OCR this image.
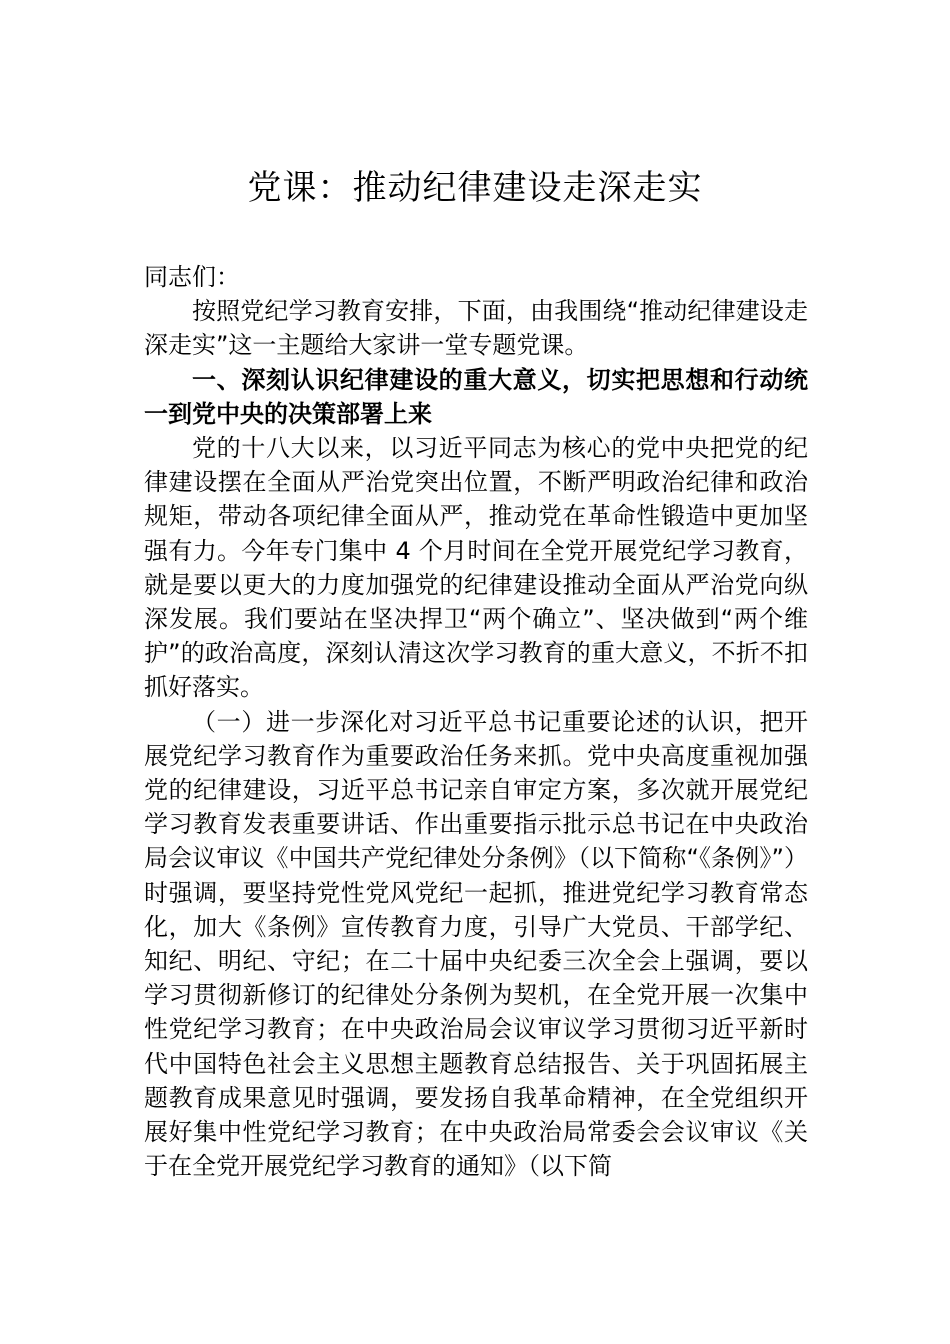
党课：推动纪律建设走深走实

同志们：

按照党纪学习教育安排，下面，由我围绕“推动纪律建设走深走实”这一主题给大家讲一堂专题党课。

一、深刻认识纪律建设的重大意义，切实把思想和行动统一到党中央的决策部署上来

党的十八大以来，以习近平同志为核心的党中央把党的纪律建设摆在全面从严治党突出位置，不断严明政治纪律和政治规矩，带动各项纪律全面从严，推动党在革命性锻造中更加坚强有力。今年专门集中 4 个月时间在全党开展党纪学习教育，就是要以更大的力度加强党的纪律建设推动全面从严治党向纵深发展。我们要站在坚决捍卫“两个确立”、坚决做到“两个维护”的政治高度，深刻认清这次学习教育的重大意义，不折不扣抓好落实。

（一）进一步深化对习近平总书记重要论述的认识，把开展党纪学习教育作为重要政治任务来抓。党中央高度重视加强党的纪律建设，习近平总书记亲自审定方案，多次就开展党纪学习教育发表重要讲话、作出重要指示批示总书记在中央政治局会议审议《中国共产党纪律处分条例》（以下简称“《条例》”）时强调，要坚持党性党风党纪一起抓，推进党纪学习教育常态化，加大《条例》宣传教育力度，引导广大党员、干部学纪、知纪、明纪、守纪；在二十届中央纪委三次全会上强调，要以学习贯彻新修订的纪律处分条例为契机，在全党开展一次集中性党纪学习教育；在中央政治局会议审议学习贯彻习近平新时代中国特色社会主义思想主题教育总结报告、关于巩固拓展主题教育成果意见时强调，要发扬自我革命精神，在全党组织开展好集中性党纪学习教育；在中央政治局常委会会议审议《关于在全党开展党纪学习教育的通知》（以下简
